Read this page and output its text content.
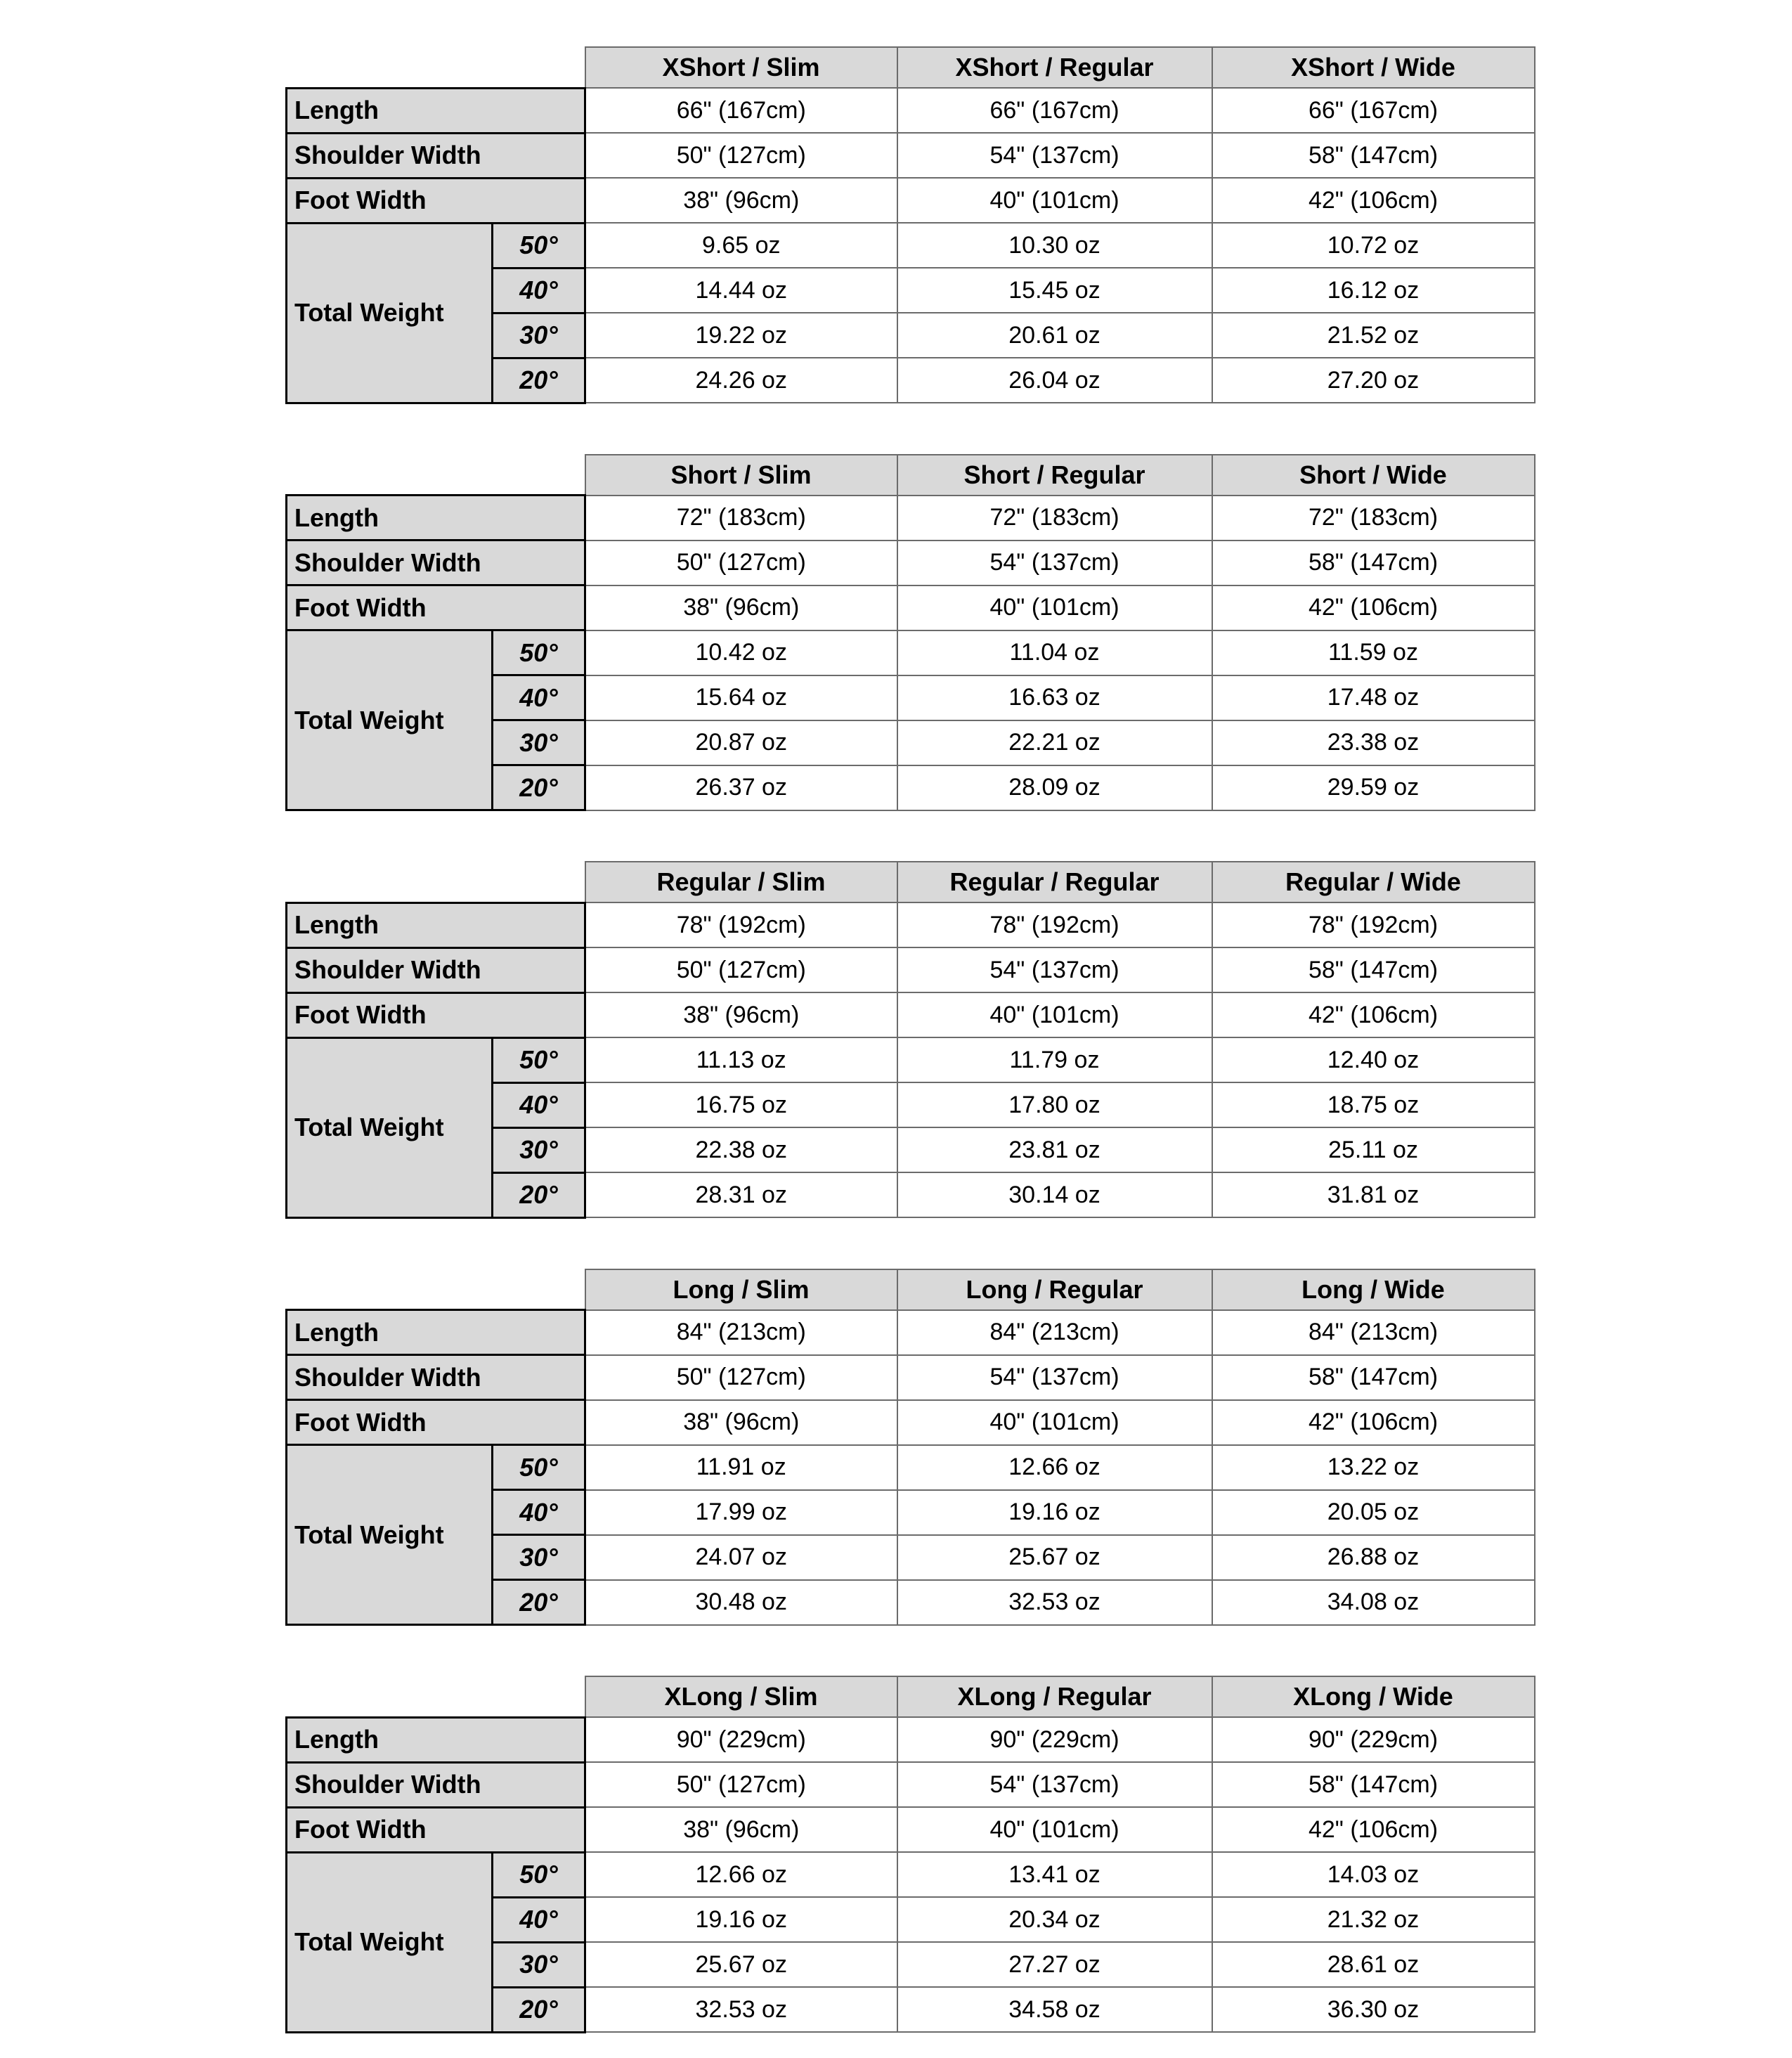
		XShort / Slim	XShort / Regular	XShort / Wide
Length		66" (167cm)	66" (167cm)	66" (167cm)
Shoulder Width		50" (127cm)	54" (137cm)	58" (147cm)
Foot Width		38" (96cm)	40" (101cm)	42" (106cm)
Total Weight	50°	9.65 oz	10.30 oz	10.72 oz
	40°	14.44 oz	15.45 oz	16.12 oz
	30°	19.22 oz	20.61 oz	21.52 oz
	20°	24.26 oz	26.04 oz	27.20 oz
		Short / Slim	Short / Regular	Short / Wide
Length		72" (183cm)	72" (183cm)	72" (183cm)
Shoulder Width		50" (127cm)	54" (137cm)	58" (147cm)
Foot Width		38" (96cm)	40" (101cm)	42" (106cm)
Total Weight	50°	10.42 oz	11.04 oz	11.59 oz
	40°	15.64 oz	16.63 oz	17.48 oz
	30°	20.87 oz	22.21 oz	23.38 oz
	20°	26.37 oz	28.09 oz	29.59 oz
		Regular / Slim	Regular / Regular	Regular / Wide
Length		78" (192cm)	78" (192cm)	78" (192cm)
Shoulder Width		50" (127cm)	54" (137cm)	58" (147cm)
Foot Width		38" (96cm)	40" (101cm)	42" (106cm)
Total Weight	50°	11.13 oz	11.79 oz	12.40 oz
	40°	16.75 oz	17.80 oz	18.75 oz
	30°	22.38 oz	23.81 oz	25.11 oz
	20°	28.31 oz	30.14 oz	31.81 oz
		Long / Slim	Long / Regular	Long / Wide
Length		84" (213cm)	84" (213cm)	84" (213cm)
Shoulder Width		50" (127cm)	54" (137cm)	58" (147cm)
Foot Width		38" (96cm)	40" (101cm)	42" (106cm)
Total Weight	50°	11.91 oz	12.66 oz	13.22 oz
	40°	17.99 oz	19.16 oz	20.05 oz
	30°	24.07 oz	25.67 oz	26.88 oz
	20°	30.48 oz	32.53 oz	34.08 oz
		XLong / Slim	XLong / Regular	XLong / Wide
Length		90" (229cm)	90" (229cm)	90" (229cm)
Shoulder Width		50" (127cm)	54" (137cm)	58" (147cm)
Foot Width		38" (96cm)	40" (101cm)	42" (106cm)
Total Weight	50°	12.66 oz	13.41 oz	14.03 oz
	40°	19.16 oz	20.34 oz	21.32 oz
	30°	25.67 oz	27.27 oz	28.61 oz
	20°	32.53 oz	34.58 oz	36.30 oz
